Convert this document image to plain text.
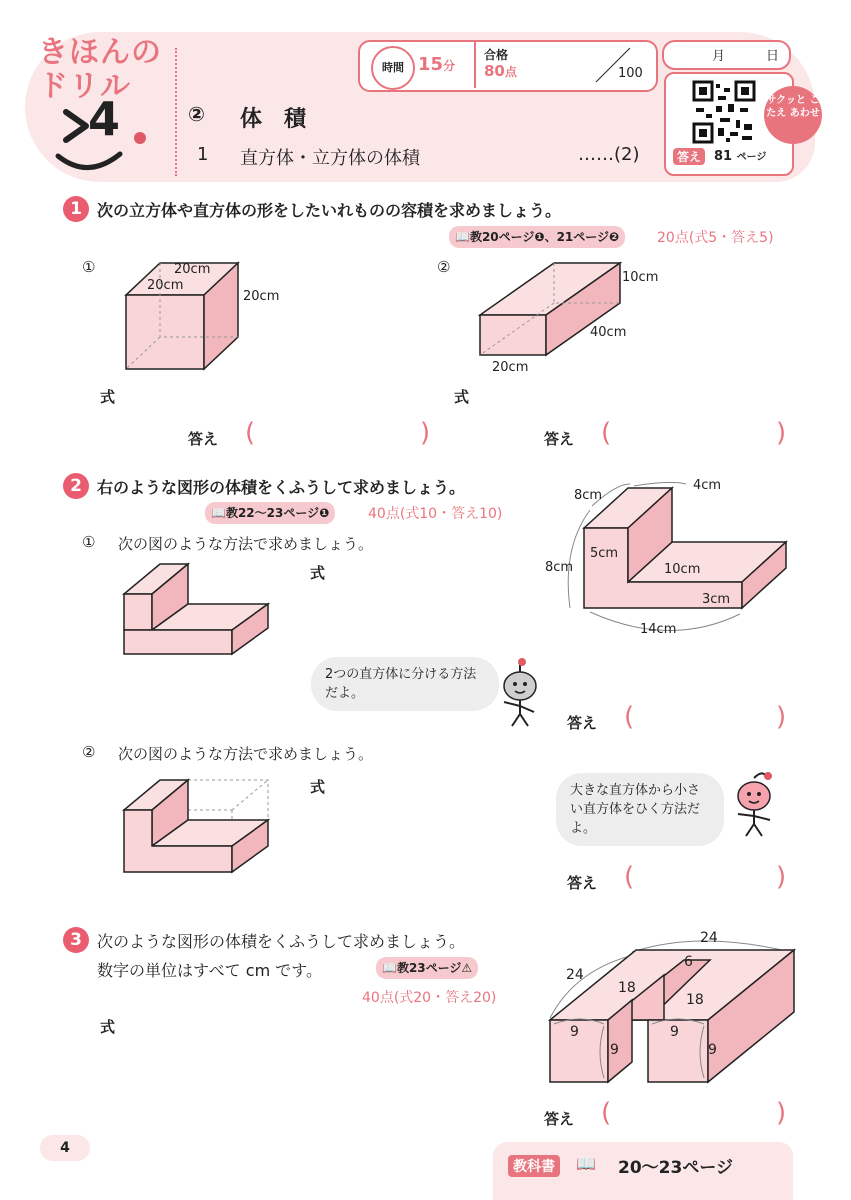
きほんの
ドリル
4	② 体　積
1 直方体・立方体の体積	……(2)
時間 15分
合格
80点	100
月	日
サクッと こたえ あわせ
答え 81 ページ
1 次の立方体や直方体の形をしたいれものの容積を求めましょう。
📖教20ページ❶、21ページ❷	20点(式5・答え5)
①	20cm
20cm
20cm
②
10cm
40cm
20cm
式	式
答え (	)	答え (	)
2 右のような図形の体積をくふうして求めましょう。
📖教22〜23ページ❶	40点(式10・答え10)
8cm
4cm
5cm
8cm	10cm
3cm
14cm
① 次の図のような方法で求めましょう。
式
2つの直方体に分ける方法だよ。
答え (	)
② 次の図のような方法で求めましょう。
式	大きな直方体から小さい直方体をひく方法だよ。
答え (	)
3 次のような図形の体積をくふうして求めましょう。
数字の単位はすべて cm です。	📖教23ページ⚠
40点(式20・答え20)
式
24
24
6
18
18
9
9
9
9
答え (	)
4
教科書	📖 20〜23ページ
